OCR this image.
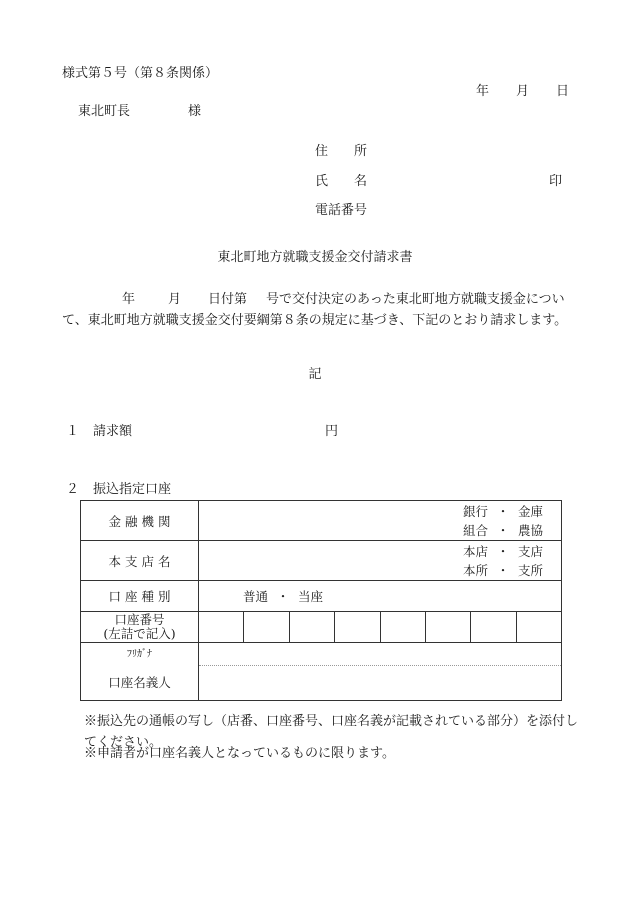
様式第５号（第８条関係）
年 月 日
東北町長	様
住　　所
氏　　名	印
電話番号
東北町地方就職支援金交付請求書
年	月 日付第 号で交付決定のあった東北町地方就職支援金について、東北町地方就職支援金交付要綱第８条の規定に基づき、下記のとおり請求します。
記
１ 請求額	円
２ 振込指定口座
金 融 機 関	銀行 ・ 金庫
組合 ・ 農協

本 支 店 名	本店 ・ 支店
本所 ・ 支所

口 座 種 別	普通 ・ 当座

口座番号
(左詰で記入)	

ﾌﾘｶﾞﾅ
口座名義人	

※振込先の通帳の写し（店番、口座番号、口座名義が記載されている部分）を添付してください。
※申請者が口座名義人となっているものに限ります。
